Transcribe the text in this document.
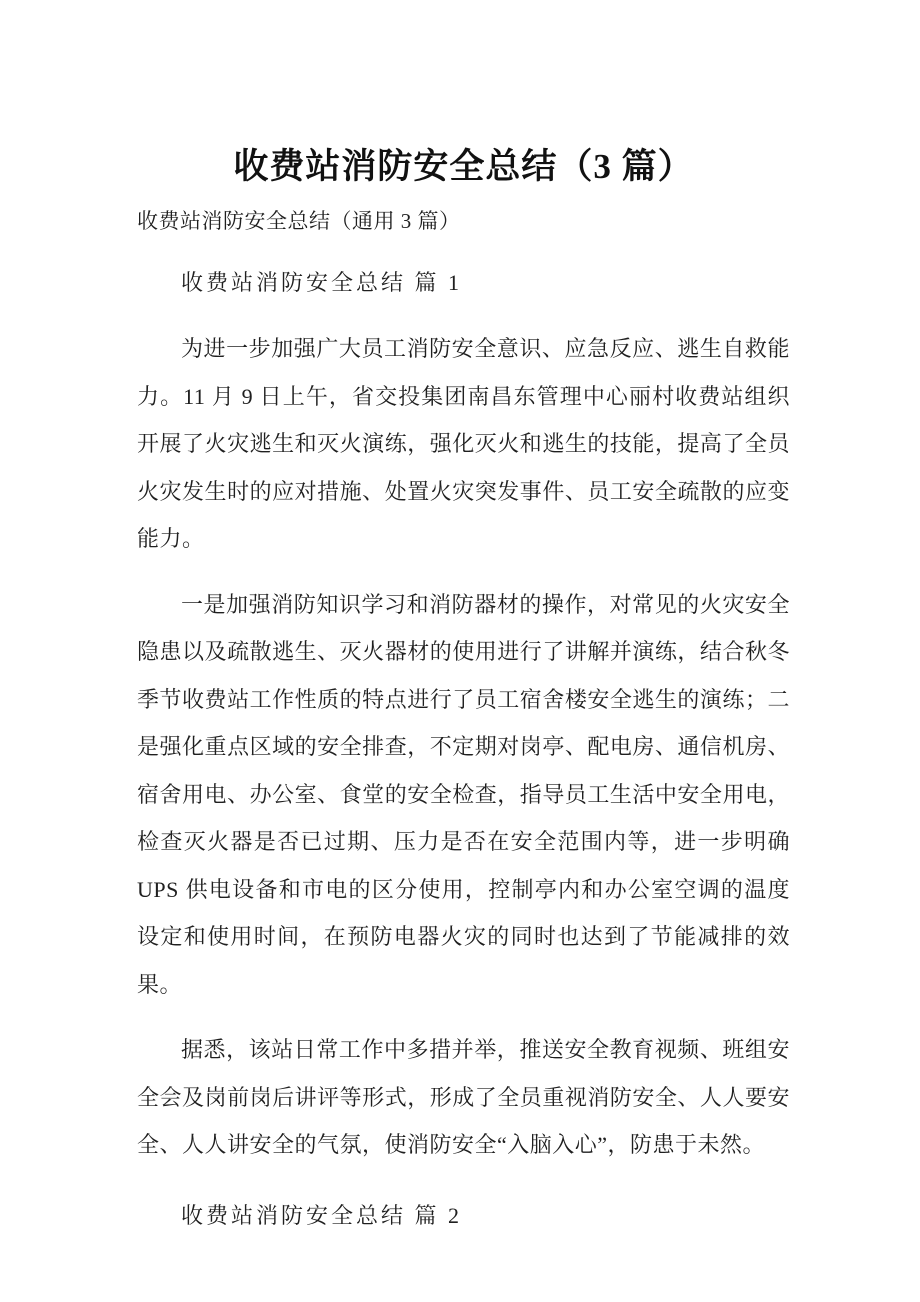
收费站消防安全总结（3 篇）

收费站消防安全总结（通用 3 篇）

收费站消防安全总结 篇 1

为进一步加强广大员工消防安全意识、应急反应、逃生自救能力。11 月 9 日上午，省交投集团南昌东管理中心丽村收费站组织开展了火灾逃生和灭火演练，强化灭火和逃生的技能，提高了全员火灾发生时的应对措施、处置火灾突发事件、员工安全疏散的应变能力。

一是加强消防知识学习和消防器材的操作，对常见的火灾安全隐患以及疏散逃生、灭火器材的使用进行了讲解并演练，结合秋冬季节收费站工作性质的特点进行了员工宿舍楼安全逃生的演练；二是强化重点区域的安全排查，不定期对岗亭、配电房、通信机房、宿舍用电、办公室、食堂的安全检查，指导员工生活中安全用电，检查灭火器是否已过期、压力是否在安全范围内等，进一步明确 UPS 供电设备和市电的区分使用，控制亭内和办公室空调的温度设定和使用时间，在预防电器火灾的同时也达到了节能减排的效果。

据悉，该站日常工作中多措并举，推送安全教育视频、班组安全会及岗前岗后讲评等形式，形成了全员重视消防安全、人人要安全、人人讲安全的气氛，使消防安全“入脑入心”，防患于未然。

收费站消防安全总结 篇 2
